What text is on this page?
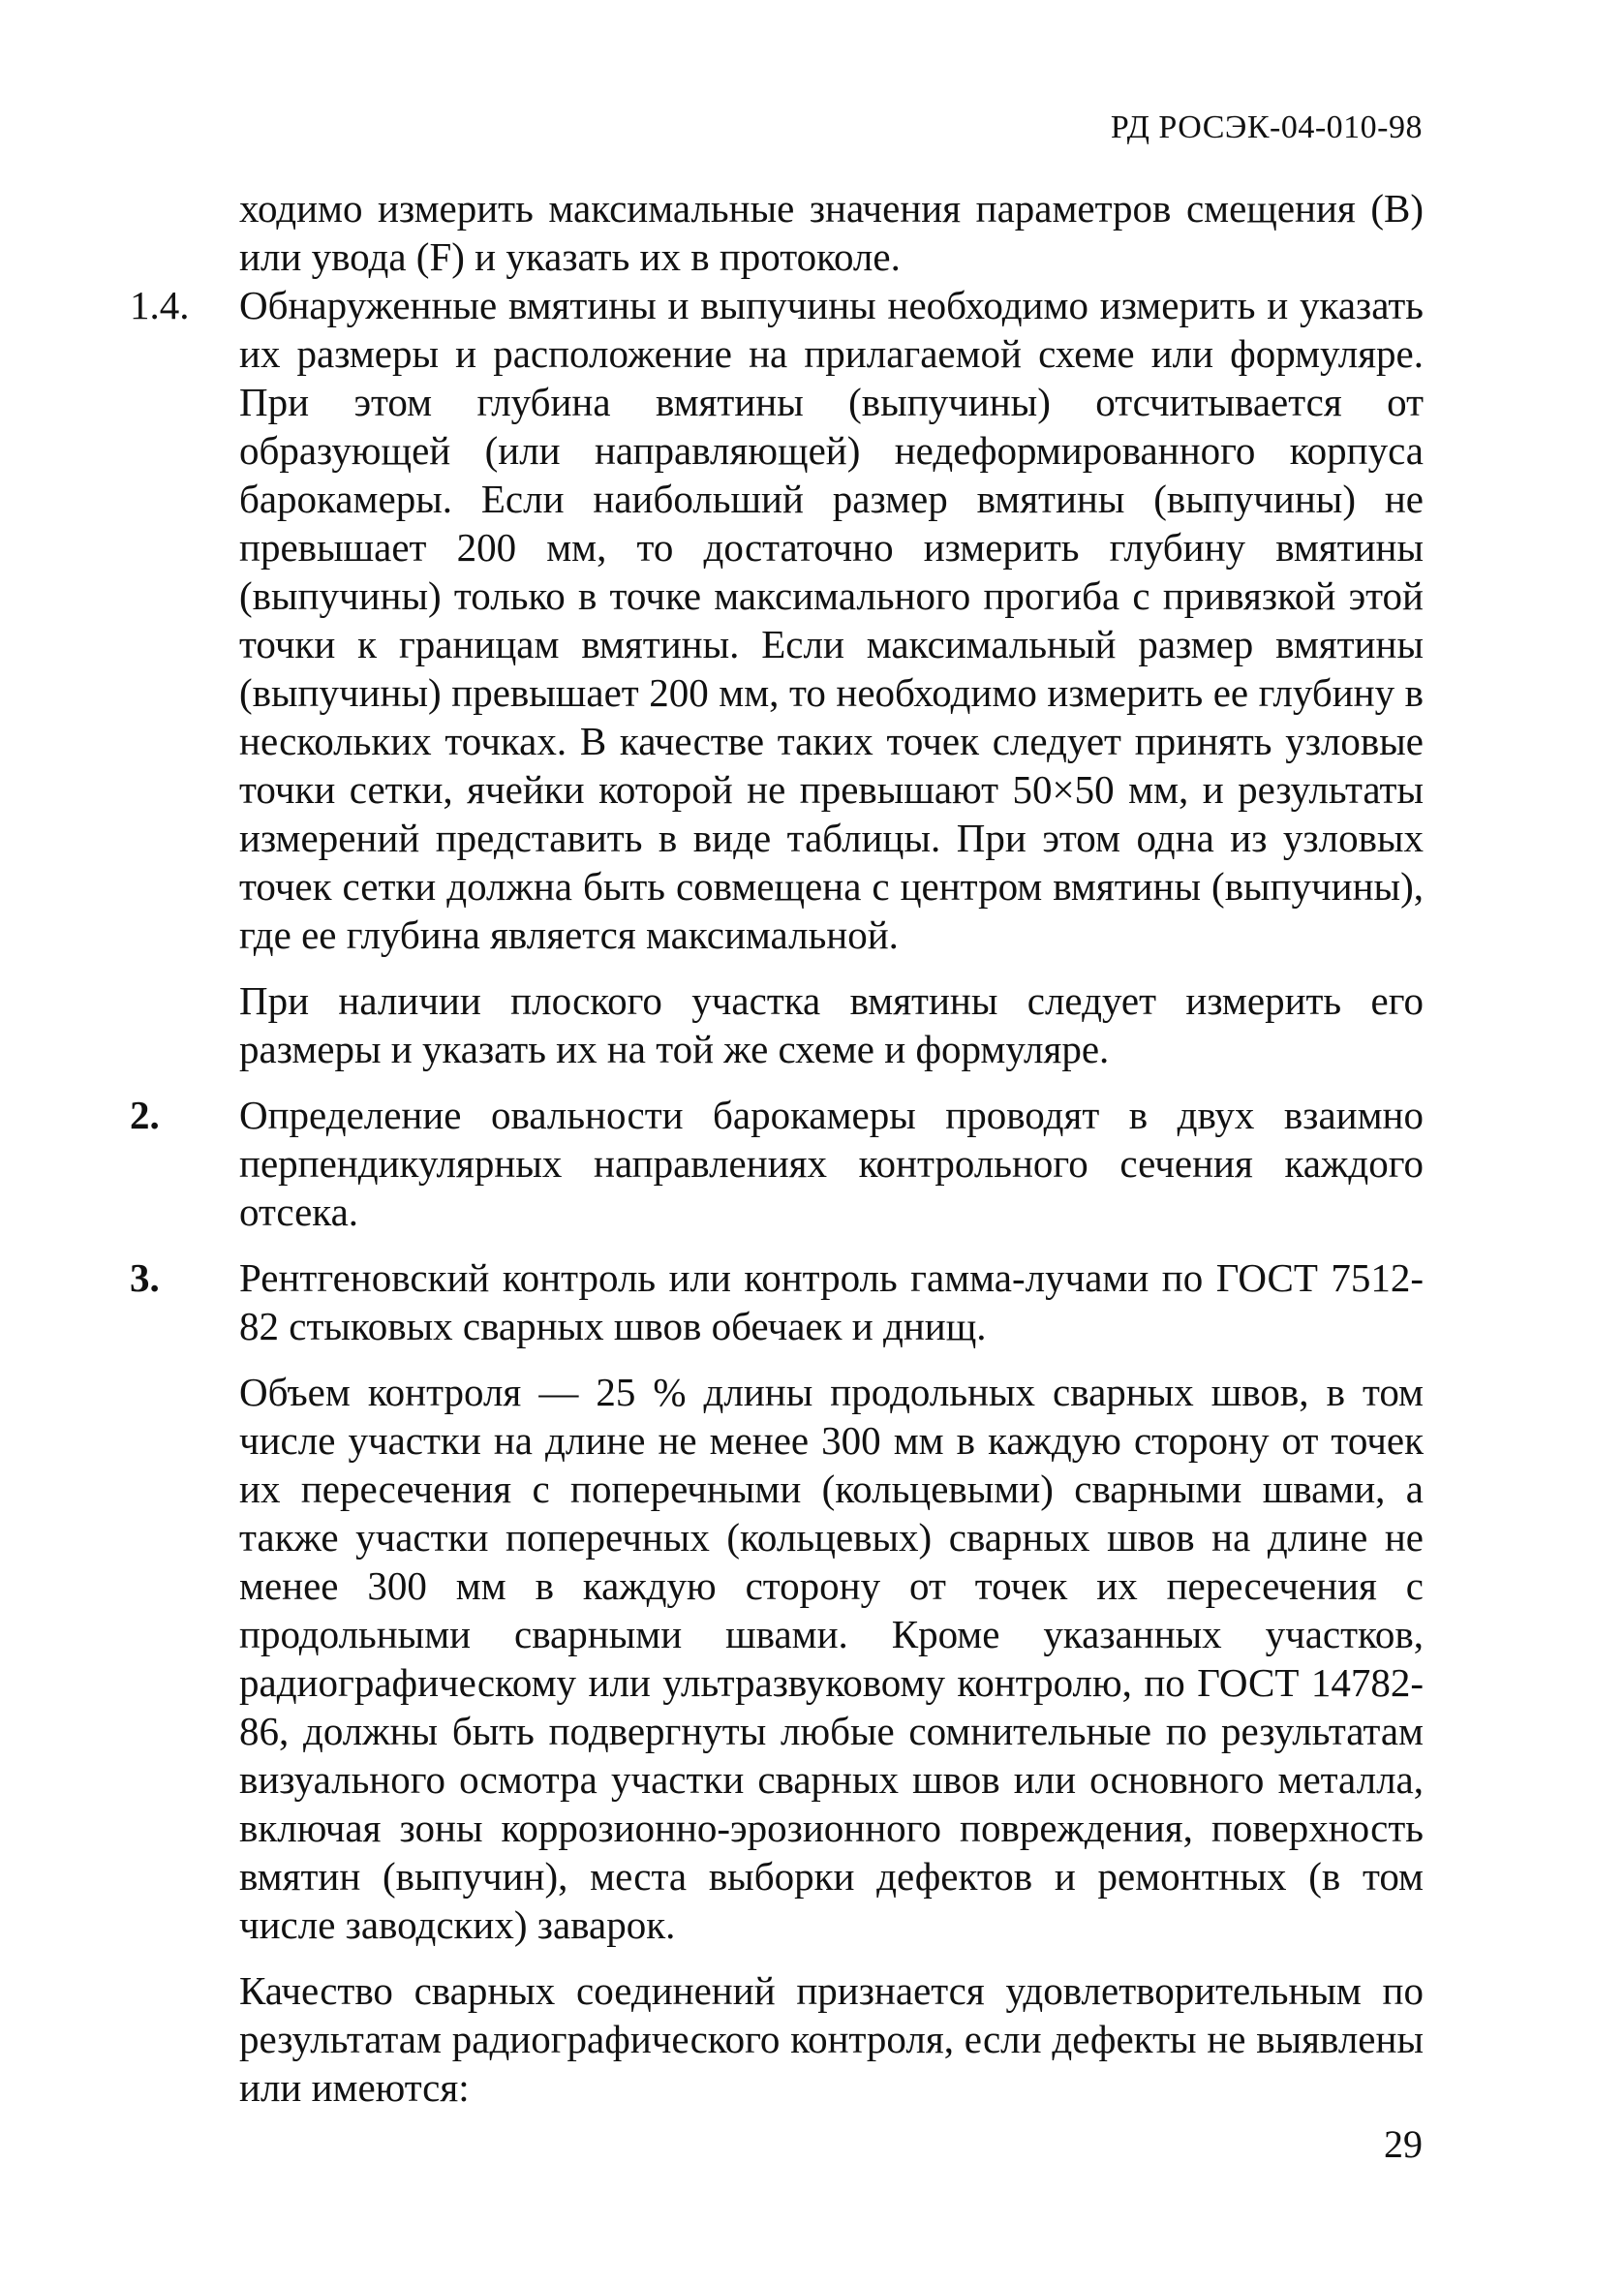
РД РОСЭК-04-010-98
ходимо измерить максимальные значения параметров смещения (В) или увода (F) и указать их в протоколе.
1.4. Обнаруженные вмятины и выпучины необходимо измерить и указать их размеры и расположение на прилагаемой схеме или формуляре. При этом глубина вмятины (выпучины) отсчитывается от образующей (или направляющей) недеформированного корпуса барокамеры. Если наибольший размер вмятины (выпучины) не превышает 200 мм, то достаточно измерить глубину вмятины (выпучины) только в точке максимального прогиба с привязкой этой точки к границам вмятины. Если максимальный размер вмятины (выпучины) превышает 200 мм, то необходимо измерить ее глубину в нескольких точках. В качестве таких точек следует принять узловые точки сетки, ячейки которой не превышают 50×50 мм, и результаты измерений представить в виде таблицы. При этом одна из узловых точек сетки должна быть совмещена с центром вмятины (выпучины), где ее глубина является максимальной.
При наличии плоского участка вмятины следует измерить его размеры и указать их на той же схеме и формуляре.
2. Определение овальности барокамеры проводят в двух взаимно перпендикулярных направлениях контрольного сечения каждого отсека.
3. Рентгеновский контроль или контроль гамма-лучами по ГОСТ 7512-82 стыковых сварных швов обечаек и днищ.
Объем контроля — 25 % длины продольных сварных швов, в том числе участки на длине не менее 300 мм в каждую сторону от точек их пересечения с поперечными (кольцевыми) сварными швами, а также участки поперечных (кольцевых) сварных швов на длине не менее 300 мм в каждую сторону от точек их пересечения с продольными сварными швами. Кроме указанных участков, радиографическому или ультразвуковому контролю, по ГОСТ 14782-86, должны быть подвергнуты любые сомнительные по результатам визуального осмотра участки сварных швов или основного металла, включая зоны коррозионно-эрозионного повреждения, поверхность вмятин (выпучин), места выборки дефектов и ремонтных (в том числе заводских) заварок.
Качество сварных соединений признается удовлетворительным по результатам радиографического контроля, если дефекты не выявлены или имеются:
29
